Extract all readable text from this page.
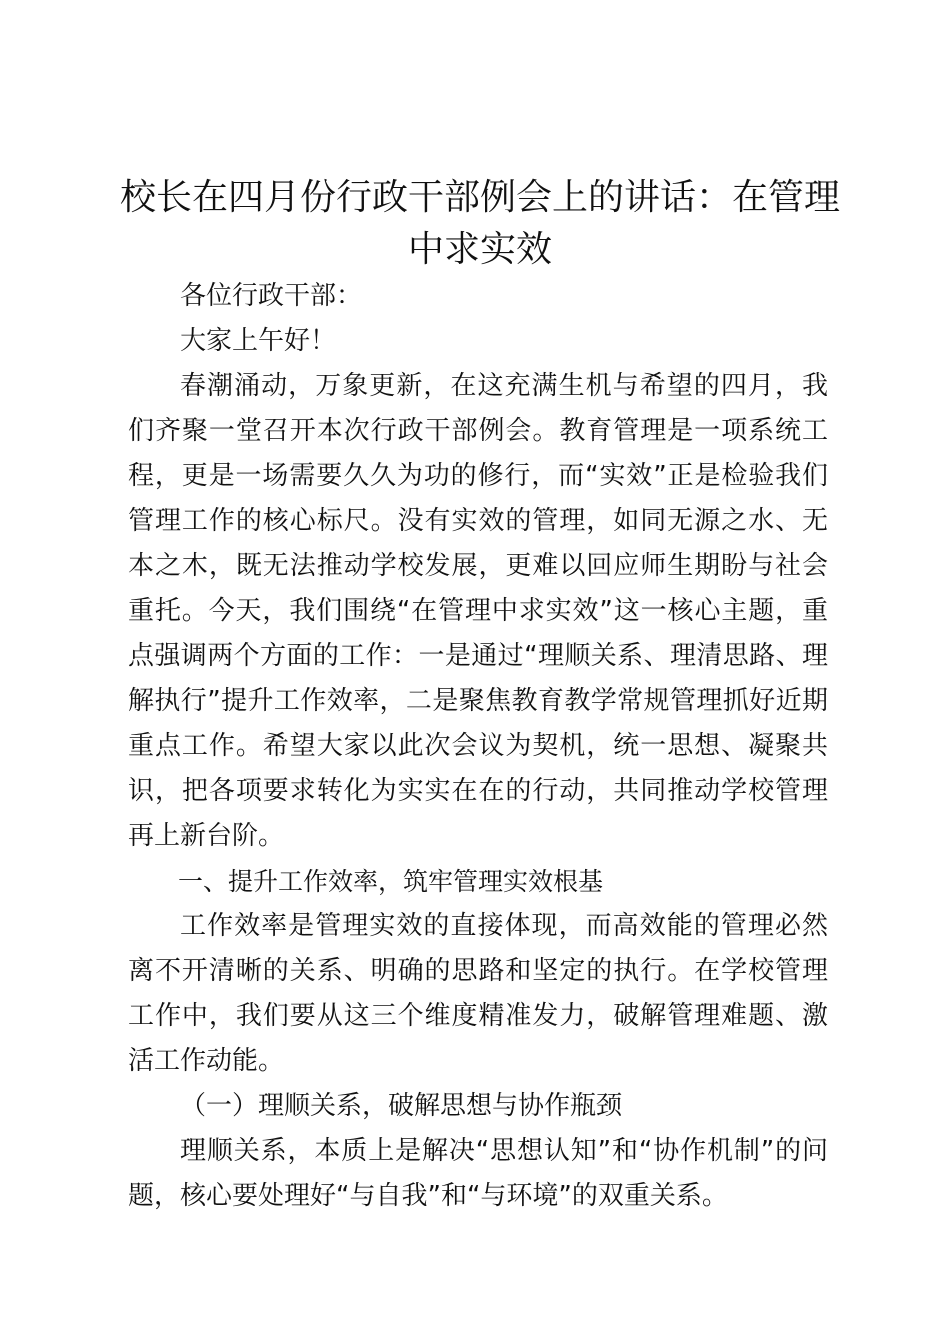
校长在四月份行政干部例会上的讲话：在管理中求实效

各位行政干部：

大家上午好！

春潮涌动，万象更新，在这充满生机与希望的四月，我们齐聚一堂召开本次行政干部例会。教育管理是一项系统工程，更是一场需要久久为功的修行，而“实效”正是检验我们管理工作的核心标尺。没有实效的管理，如同无源之水、无本之木，既无法推动学校发展，更难以回应师生期盼与社会重托。今天，我们围绕“在管理中求实效”这一核心主题，重点强调两个方面的工作：一是通过“理顺关系、理清思路、理解执行”提升工作效率，二是聚焦教育教学常规管理抓好近期重点工作。希望大家以此次会议为契机，统一思想、凝聚共识，把各项要求转化为实实在在的行动，共同推动学校管理再上新台阶。

一、提升工作效率，筑牢管理实效根基

工作效率是管理实效的直接体现，而高效能的管理必然离不开清晰的关系、明确的思路和坚定的执行。在学校管理工作中，我们要从这三个维度精准发力，破解管理难题、激活工作动能。

（一）理顺关系，破解思想与协作瓶颈

理顺关系，本质上是解决“思想认知”和“协作机制”的问题，核心要处理好“与自我”和“与环境”的双重关系。
